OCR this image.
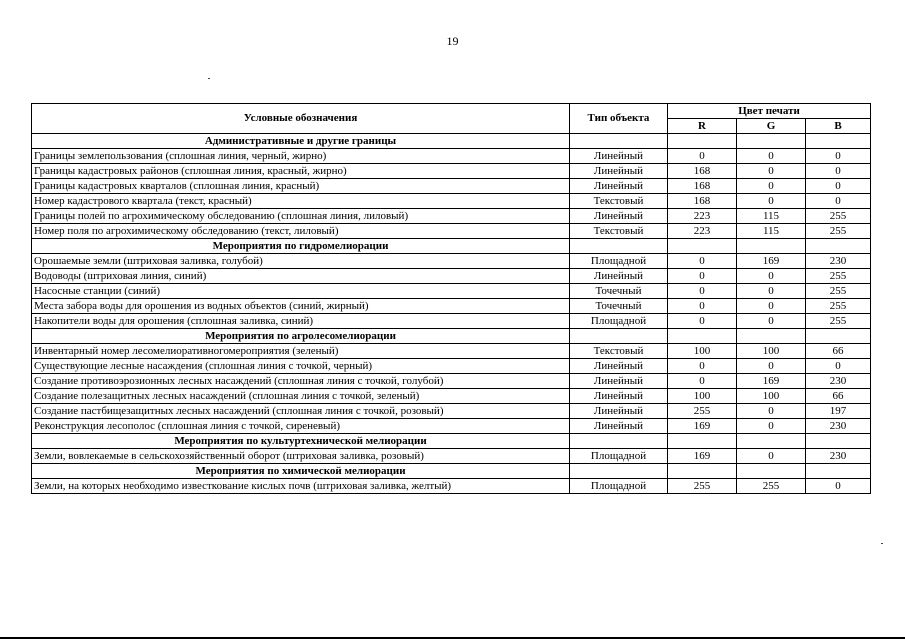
19
Условные обозначения	Тип объекта	Цвет печати		
		R	G	B
Административные и другие границы				
Границы землепользования (сплошная линия, черный, жирно)	Линейный	0	0	0
Границы кадастровых районов (сплошная линия, красный, жирно)	Линейный	168	0	0
Границы кадастровых кварталов (сплошная линия, красный)	Линейный	168	0	0
Номер кадастрового квартала (текст, красный)	Текстовый	168	0	0
Границы полей по агрохимическому обследованию (сплошная линия, лиловый)	Линейный	223	115	255
Номер поля по агрохимическому обследованию (текст, лиловый)	Текстовый	223	115	255
Мероприятия по гидромелиорации				
Орошаемые земли (штриховая заливка, голубой)	Площадной	0	169	230
Водоводы (штриховая линия, синий)	Линейный	0	0	255
Насосные станции (синий)	Точечный	0	0	255
Места забора воды для орошения из водных объектов (синий, жирный)	Точечный	0	0	255
Накопители воды для орошения (сплошная заливка, синий)	Площадной	0	0	255
Мероприятия по агролесомелиорации				
Инвентарный номер лесомелиоративногомероприятия (зеленый)	Текстовый	100	100	66
Существующие лесные насаждения (сплошная линия с точкой, черный)	Линейный	0	0	0
Создание противоэрозионных лесных насаждений (сплошная линия с точкой, голубой)	Линейный	0	169	230
Создание полезащитных лесных насаждений (сплошная линия с точкой, зеленый)	Линейный	100	100	66
Создание пастбищезащитных лесных насаждений (сплошная линия с точкой, розовый)	Линейный	255	0	197
Реконструкция лесополос (сплошная линия с точкой, сиреневый)	Линейный	169	0	230
Мероприятия по культуртехнической мелиорации				
Земли, вовлекаемые в сельскохозяйственный оборот (штриховая заливка, розовый)	Площадной	169	0	230
Мероприятия по химической мелиорации				
Земли, на которых необходимо известкование кислых почв (штриховая заливка, желтый)	Площадной	255	255	0
